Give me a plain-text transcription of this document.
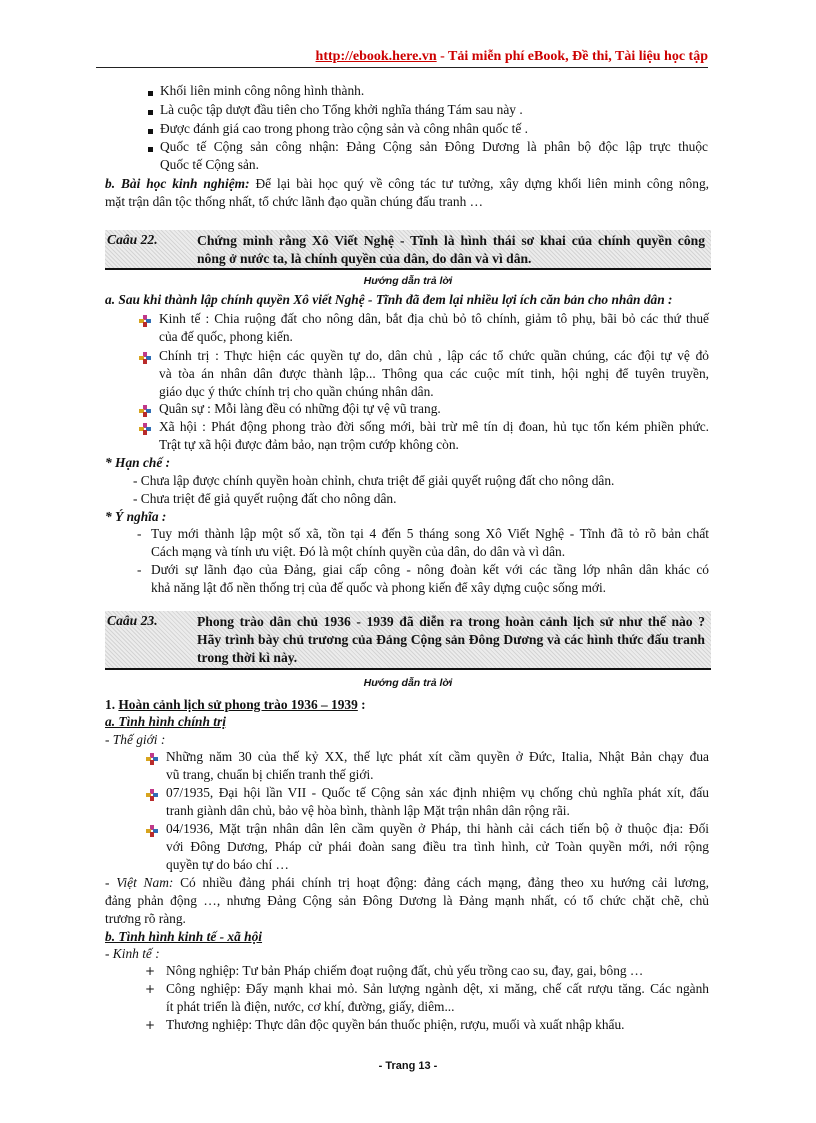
http://ebook.here.vn - Tải miễn phí eBook, Đề thi, Tài liệu học tập
Khối liên minh công nông hình thành.
Là cuộc tập dượt đầu tiên cho Tổng khởi nghĩa tháng Tám sau này .
Được đánh giá cao trong phong trào cộng sản và công nhân quốc tế .
Quốc tế Cộng sản công nhận: Đảng Cộng sản Đông Dương là phân bộ độc lập trực thuộc
Quốc tế Cộng sản.
b. Bài học kinh nghiệm: Để lại bài học quý về công tác tư tưởng, xây dựng khối liên minh công nông,
mặt trận dân tộc thống nhất, tổ chức lãnh đạo quần chúng đấu tranh …
Caâu 22.	Chứng minh rằng Xô Viết Nghệ - Tĩnh là hình thái sơ khai của chính quyền công
nông ở nước ta, là chính quyền của dân, do dân và vì dân.
Hướng dẫn trả lời
a. Sau khi thành lập chính quyền Xô viết Nghệ - Tĩnh đã đem lại nhiều lợi ích căn bản cho nhân dân :
Kinh tế : Chia ruộng đất cho nông dân, bắt địa chủ bỏ tô chính, giảm tô phụ, bãi bỏ các thứ thuế
của đế quốc, phong kiến.
Chính trị : Thực hiện các quyền tự do, dân chủ , lập các tổ chức quần chúng, các đội tự vệ đỏ
và tòa án nhân dân được thành lập... Thông qua các cuộc mít tinh, hội nghị để tuyên truyền,
giáo dục ý thức chính trị cho quần chúng nhân dân.
Quân sự : Mỗi làng đều có những đội tự vệ vũ trang.
Xã hội : Phát động phong trào đời sống mới, bài trừ mê tín dị đoan, hủ tục tốn kém phiền phức.
Trật tự xã hội được đảm bảo, nạn trộm cướp không còn.
* Hạn chế :
- Chưa lập được chính quyền hoàn chỉnh, chưa triệt để giải quyết ruộng đất cho nông dân.
- Chưa triệt để giả quyết ruộng đất cho nông dân.
* Ý nghĩa :
- Tuy mới thành lập một số xã, tồn tại 4 đến 5 tháng song Xô Viết Nghệ - Tĩnh đã tỏ rõ bản chất
Cách mạng và tính ưu việt. Đó là một chính quyền của dân, do dân và vì dân.
- Dưới sự lãnh đạo của Đảng, giai cấp công - nông đoàn kết với các tầng lớp nhân dân khác có
khả năng lật đổ nền thống trị của đế quốc và phong kiến để xây dựng cuộc sống mới.
Caâu 23.	Phong trào dân chủ 1936 - 1939 đã diễn ra trong hoàn cảnh lịch sử như thế nào ?
Hãy trình bày chủ trương của Đảng Cộng sản Đông Dương và các hình thức đấu tranh
trong thời kì này.
Hướng dẫn trả lời
1. Hoàn cảnh lịch sử phong trào 1936 – 1939 :
a. Tình hình chính trị
- Thế giới :
Những năm 30 của thế kỷ XX, thế lực phát xít cầm quyền ở Đức, Italia, Nhật Bản chạy đua
vũ trang, chuẩn bị chiến tranh thế giới.
07/1935, Đại hội lần VII - Quốc tế Cộng sản xác định nhiệm vụ chống chủ nghĩa phát xít, đấu
tranh giành dân chủ, bảo vệ hòa bình, thành lập Mặt trận nhân dân rộng rãi.
04/1936, Mặt trận nhân dân lên cầm quyền ở Pháp, thi hành cải cách tiến bộ ở thuộc địa: Đối
với Đông Dương, Pháp cử phái đoàn sang điều tra tình hình, cử Toàn quyền mới, nới rộng
quyền tự do báo chí …
- Việt Nam: Có nhiều đảng phái chính trị hoạt động: đảng cách mạng, đảng theo xu hướng cải lương,
đảng phản động …, nhưng Đảng Cộng sản Đông Dương là Đảng mạnh nhất, có tổ chức chặt chẽ, chủ
trương rõ ràng.
b. Tình hình kinh tế - xã hội
- Kinh tế :
+ Nông nghiệp: Tư bản Pháp chiếm đoạt ruộng đất, chủ yếu trồng cao su, đay, gai, bông …
+ Công nghiệp: Đẩy mạnh khai mỏ. Sản lượng ngành dệt, xi măng, chế cất rượu tăng. Các ngành
ít phát triển là điện, nước, cơ khí, đường, giấy, diêm...
+ Thương nghiệp: Thực dân độc quyền bán thuốc phiện, rượu, muối và xuất nhập khẩu.
- Trang 13 -
